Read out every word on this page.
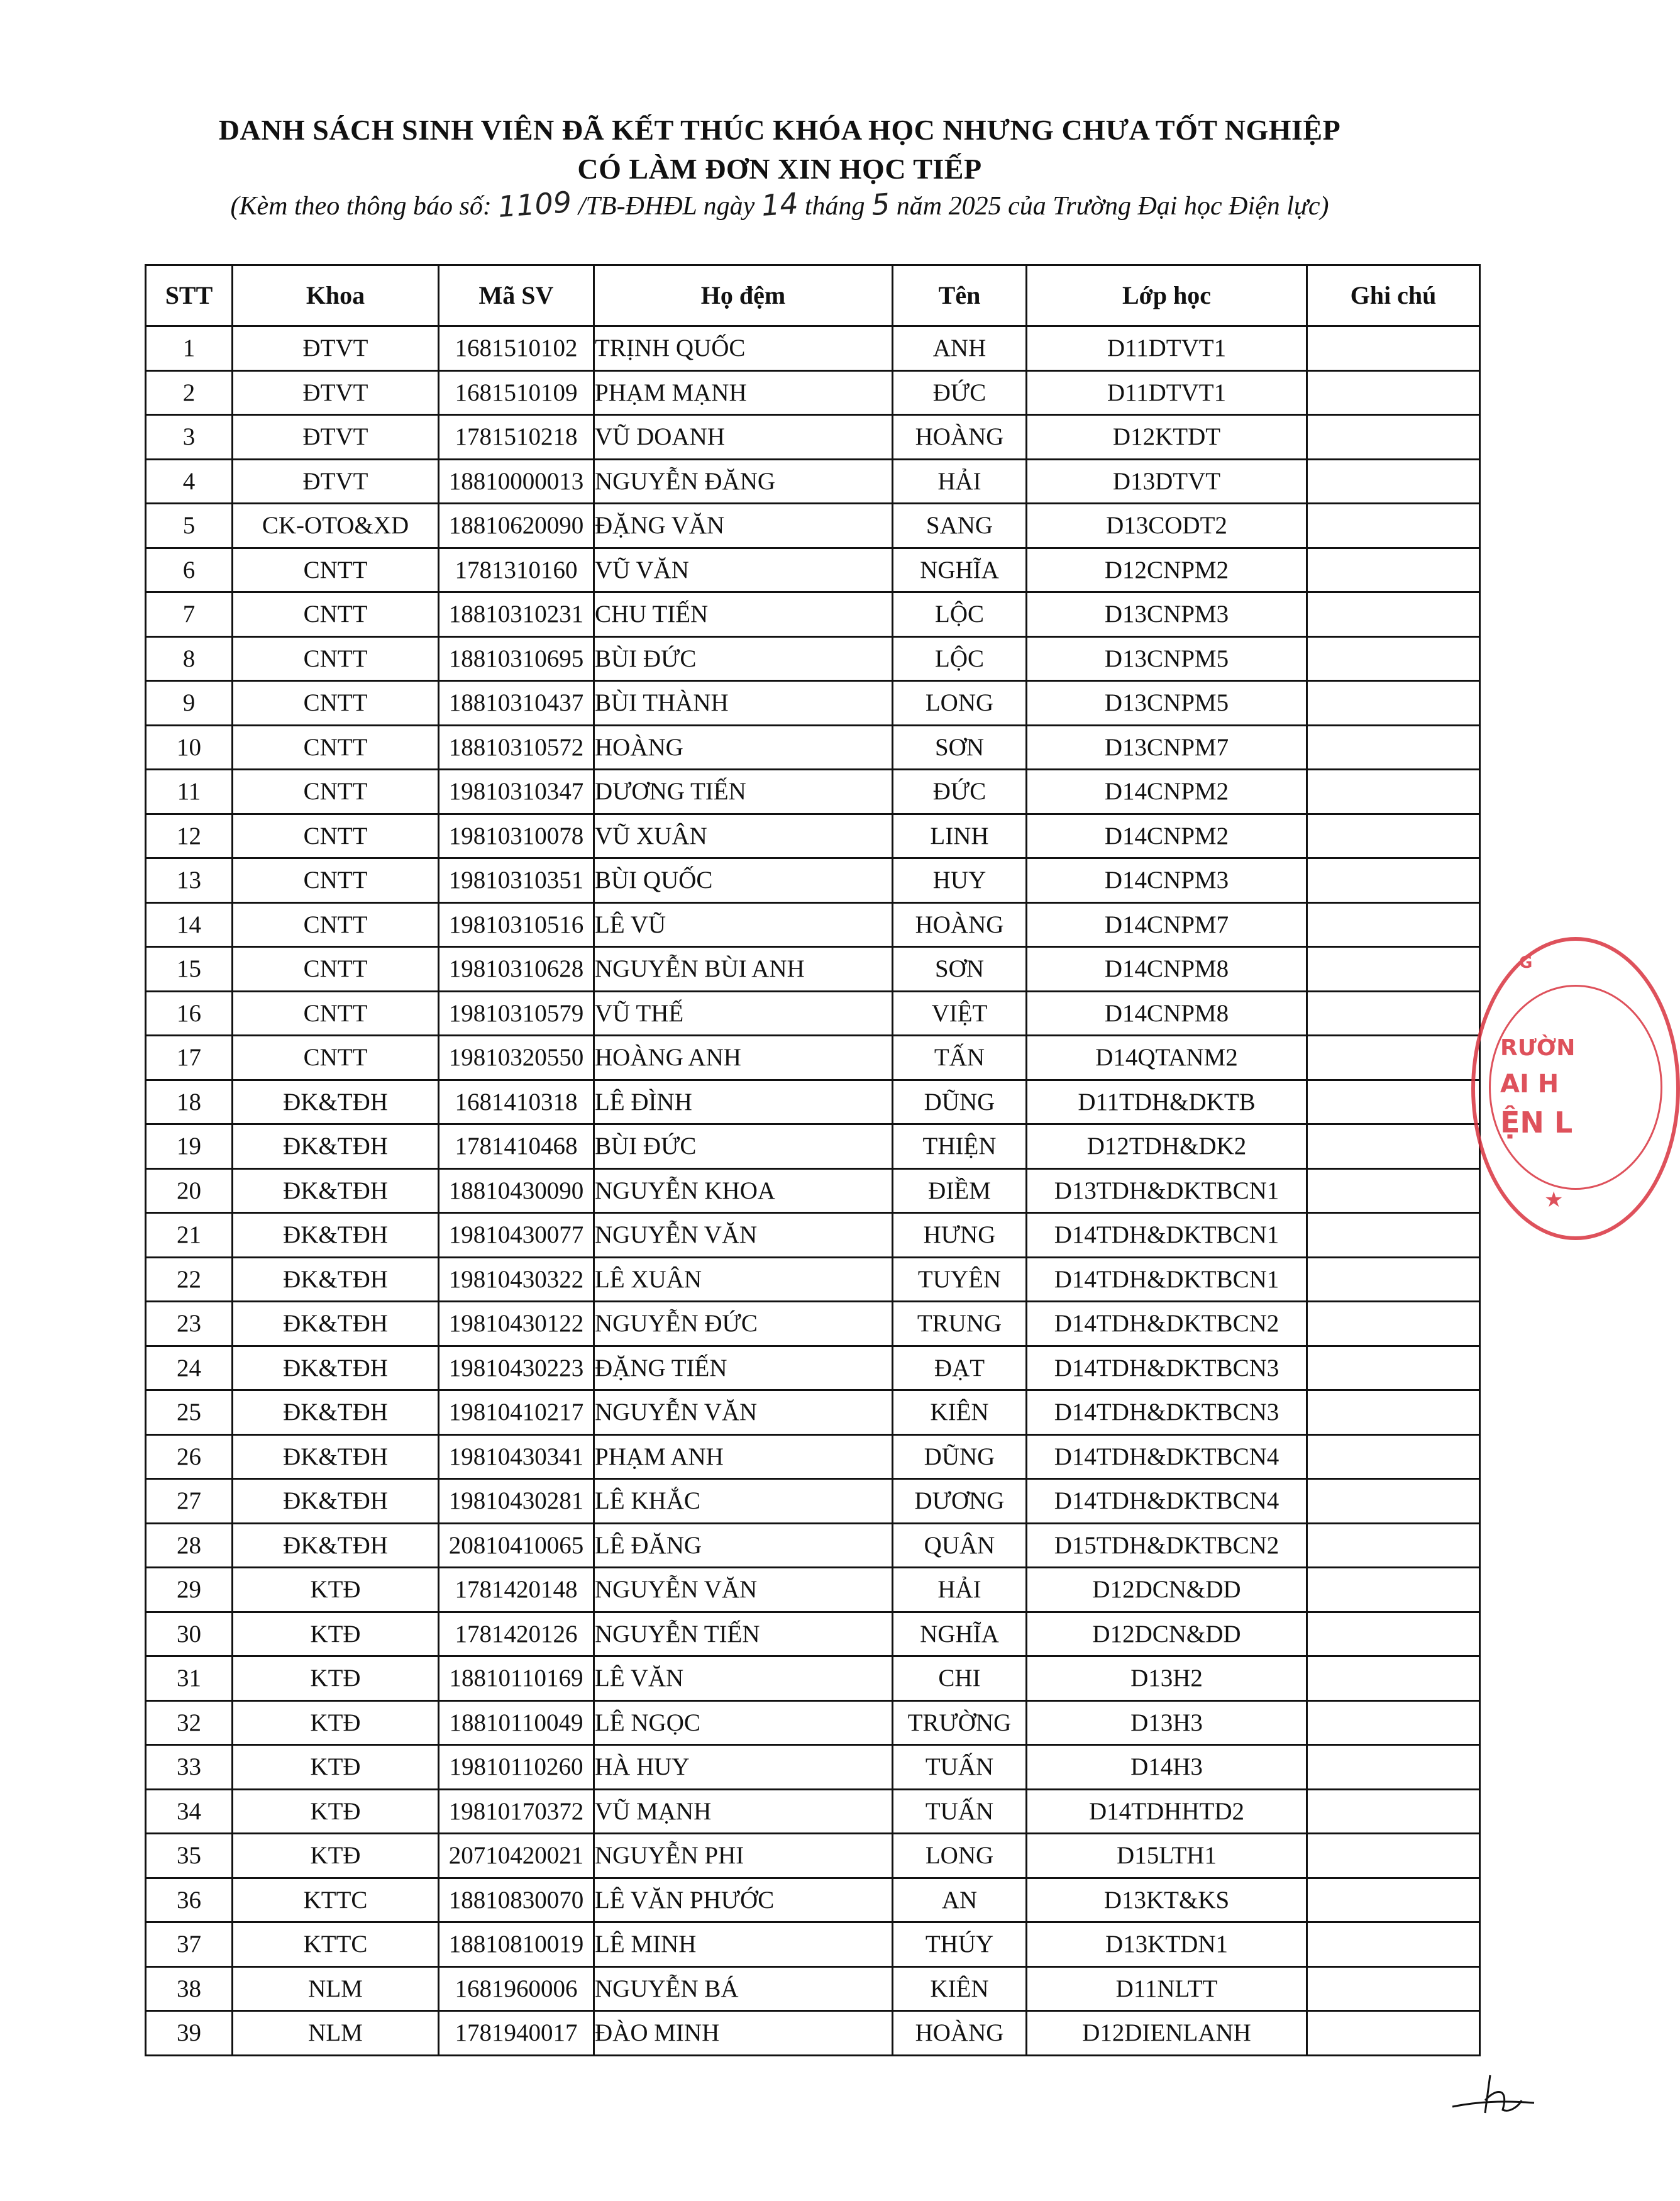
DANH SÁCH SINH VIÊN ĐÃ KẾT THÚC KHÓA HỌC NHƯNG CHƯA TỐT NGHIỆP
CÓ LÀM ĐƠN XIN HỌC TIẾP
(Kèm theo thông báo số: 1109 /TB-ĐHĐL ngày 14 tháng 5 năm 2025 của Trường Đại học Điện lực)
STT	Khoa	Mã SV	Họ đệm	Tên	Lớp học	Ghi chú
1	ĐTVT	1681510102	TRỊNH QUỐC	ANH	D11DTVT1	
2	ĐTVT	1681510109	PHẠM MẠNH	ĐỨC	D11DTVT1	
3	ĐTVT	1781510218	VŨ DOANH	HOÀNG	D12KTDT	
4	ĐTVT	18810000013	NGUYỄN ĐĂNG	HẢI	D13DTVT	
5	CK-OTO&XD	18810620090	ĐẶNG VĂN	SANG	D13CODT2	
6	CNTT	1781310160	VŨ VĂN	NGHĨA	D12CNPM2	
7	CNTT	18810310231	CHU TIẾN	LỘC	D13CNPM3	
8	CNTT	18810310695	BÙI ĐỨC	LỘC	D13CNPM5	
9	CNTT	18810310437	BÙI THÀNH	LONG	D13CNPM5	
10	CNTT	18810310572	HOÀNG	SƠN	D13CNPM7	
11	CNTT	19810310347	DƯƠNG TIẾN	ĐỨC	D14CNPM2	
12	CNTT	19810310078	VŨ XUÂN	LINH	D14CNPM2	
13	CNTT	19810310351	BÙI QUỐC	HUY	D14CNPM3	
14	CNTT	19810310516	LÊ VŨ	HOÀNG	D14CNPM7	
15	CNTT	19810310628	NGUYỄN BÙI ANH	SƠN	D14CNPM8	
16	CNTT	19810310579	VŨ THẾ	VIỆT	D14CNPM8	
17	CNTT	19810320550	HOÀNG ANH	TẤN	D14QTANM2	
18	ĐK&TĐH	1681410318	LÊ ĐÌNH	DŨNG	D11TDH&DKTB	
19	ĐK&TĐH	1781410468	BÙI ĐỨC	THIỆN	D12TDH&DK2	
20	ĐK&TĐH	18810430090	NGUYỄN KHOA	ĐIỀM	D13TDH&DKTBCN1	
21	ĐK&TĐH	19810430077	NGUYỄN VĂN	HƯNG	D14TDH&DKTBCN1	
22	ĐK&TĐH	19810430322	LÊ XUÂN	TUYÊN	D14TDH&DKTBCN1	
23	ĐK&TĐH	19810430122	NGUYỄN ĐỨC	TRUNG	D14TDH&DKTBCN2	
24	ĐK&TĐH	19810430223	ĐẶNG TIẾN	ĐẠT	D14TDH&DKTBCN3	
25	ĐK&TĐH	19810410217	NGUYỄN VĂN	KIÊN	D14TDH&DKTBCN3	
26	ĐK&TĐH	19810430341	PHẠM ANH	DŨNG	D14TDH&DKTBCN4	
27	ĐK&TĐH	19810430281	LÊ KHẮC	DƯƠNG	D14TDH&DKTBCN4	
28	ĐK&TĐH	20810410065	LÊ ĐĂNG	QUÂN	D15TDH&DKTBCN2	
29	KTĐ	1781420148	NGUYỄN VĂN	HẢI	D12DCN&DD	
30	KTĐ	1781420126	NGUYỄN TIẾN	NGHĨA	D12DCN&DD	
31	KTĐ	18810110169	LÊ VĂN	CHI	D13H2	
32	KTĐ	18810110049	LÊ NGỌC	TRƯỜNG	D13H3	
33	KTĐ	19810110260	HÀ HUY	TUẤN	D14H3	
34	KTĐ	19810170372	VŨ MẠNH	TUẤN	D14TDHHTD2	
35	KTĐ	20710420021	NGUYỄN PHI	LONG	D15LTH1	
36	KTTC	18810830070	LÊ VĂN PHƯỚC	AN	D13KT&KS	
37	KTTC	18810810019	LÊ MINH	THÚY	D13KTDN1	
38	NLM	1681960006	NGUYỄN BÁ	KIÊN	D11NLTT	
39	NLM	1781940017	ĐÀO MINH	HOÀNG	D12DIENLANH	
G
RƯỜN
AI H
ỆN L
★
